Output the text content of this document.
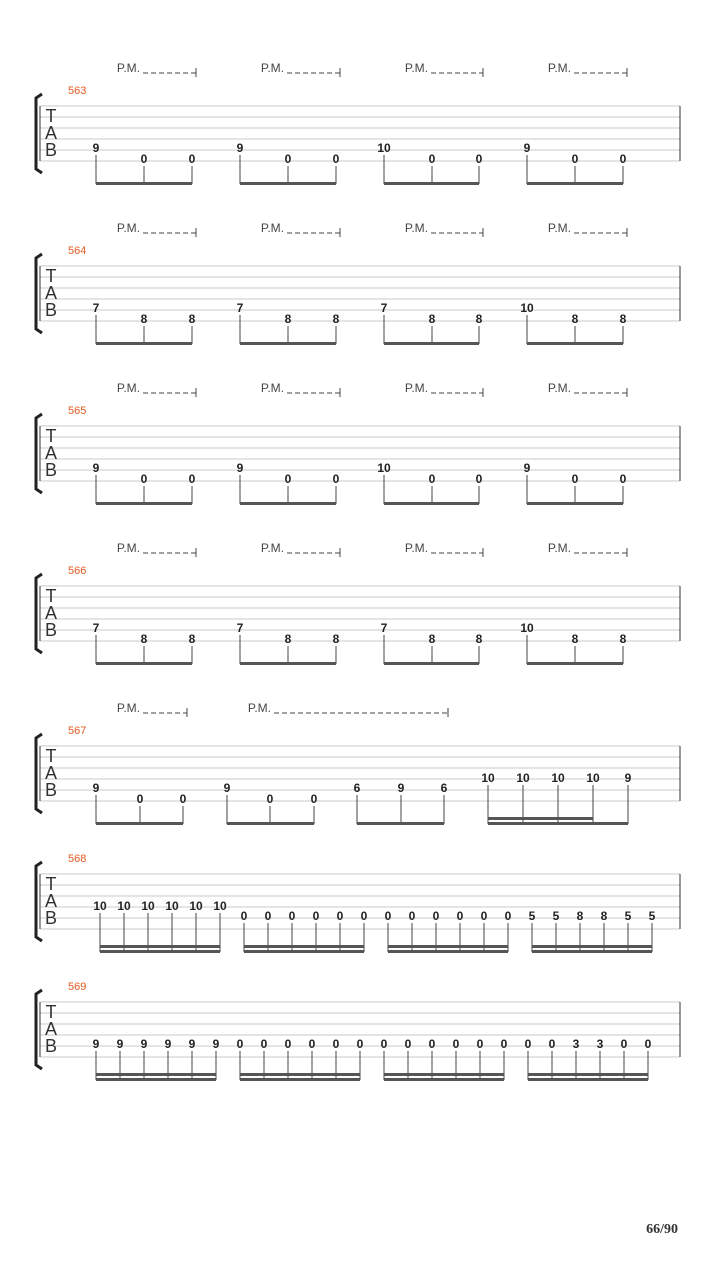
T
A
B
563
P.M.	P.M.	P.M.	P.M.
9
0	0
9
0	0
10
0	0
9
0	0
T
A
B
564
P.M.	P.M.	P.M.	P.M.
7
8	8
7
8	8
7
8	8
10
8	8
T
A
B
565
P.M.	P.M.	P.M.	P.M.
9
0	0
9
0	0
10
0	0
9
0	0
T
A
B
566
P.M.	P.M.	P.M.	P.M.
7
8	8
7
8	8
7
8	8
10
8	8
T
A
B
567
P.M.	P.M.
9
0	0
9
0	0
6	9	6
10 10 10 10 9
T
A
B
568
10 10 10 10 10 10
0 0 0 0 0 0 0 0 0 0 0 0 5 5 8 8 5 5
T
A
B
569
9 9 9 9 9 9 0 0 0 0 0 0 0 0 0 0 0 0 0 0 3 3 0 0
66/90
